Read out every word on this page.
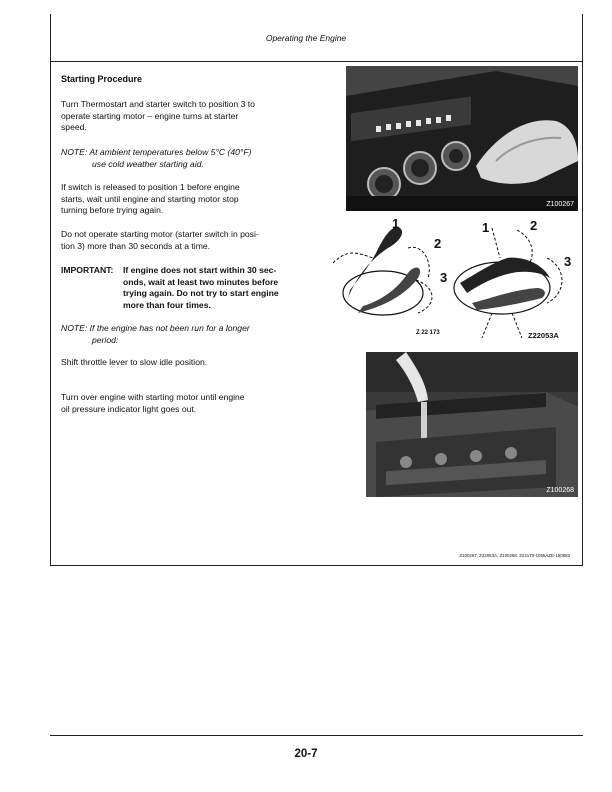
Operating the Engine
Starting Procedure
Turn Thermostart and starter switch to position 3 to
operate starting motor – engine turns at starter
speed.
NOTE: At ambient temperatures below 5°C (40°F)
use cold weather starting aid.
If switch is released to position 1 before engine
starts, wait until engine and starting motor stop
turning before trying again.
Do not operate starting motor (starter switch in posi-
tion 3) more than 30 seconds at a time.
IMPORTANT: If engine does not start within 30 sec-
onds, wait at least two minutes before
trying again. Do not try to start engine
more than four times.
NOTE: If the engine has not been run for a longer
period:
Shift throttle lever to slow idle position.
Turn over engine with starting motor until engine
oil pressure indicator light goes out.
Z100267
1
2
3
Z 22 173
1	2
3
Z22053A
Z100268
Z100267, Z22053A, Z100268, Z22173-1055AZE-150883
20-7
